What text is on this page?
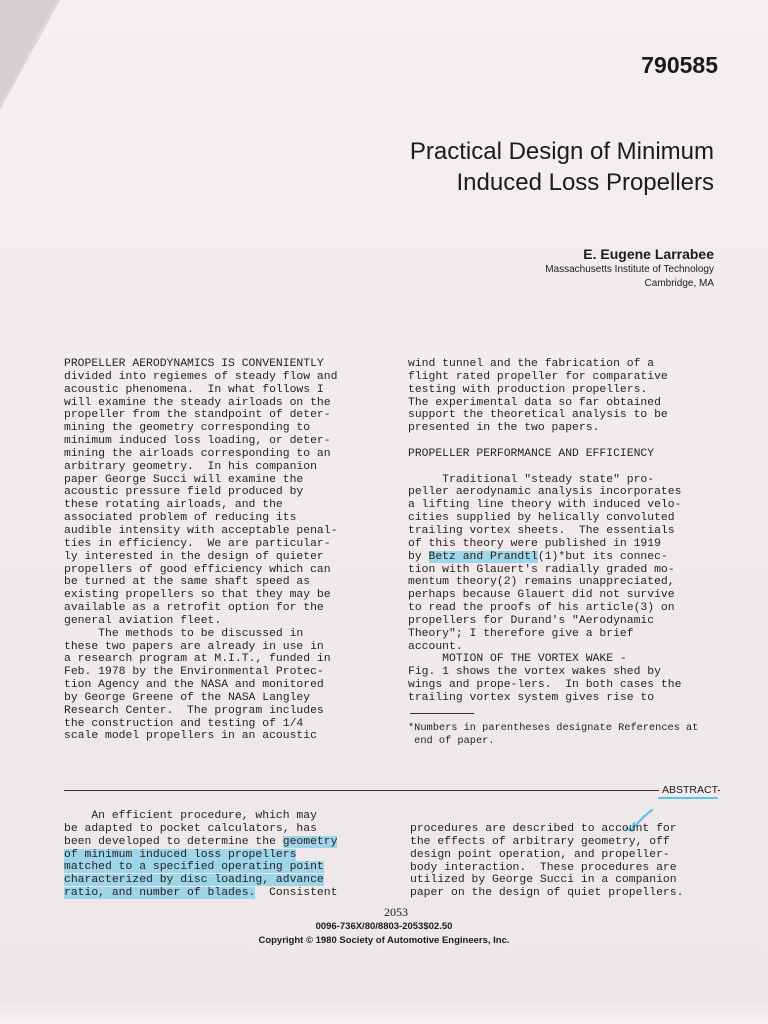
790585
Practical Design of Minimum
Induced Loss Propellers
E. Eugene Larrabee
Massachusetts Institute of Technology
Cambridge, MA
PROPELLER AERODYNAMICS IS CONVENIENTLY
divided into regiemes of steady flow and
acoustic phenomena.  In what follows I
will examine the steady airloads on the
propeller from the standpoint of deter-
mining the geometry corresponding to
minimum induced loss loading, or deter-
mining the airloads corresponding to an
arbitrary geometry.  In his companion
paper George Succi will examine the
acoustic pressure field produced by
these rotating airloads, and the
associated problem of reducing its
audible intensity with acceptable penal-
ties in efficiency.  We are particular-
ly interested in the design of quieter
propellers of good efficiency which can
be turned at the same shaft speed as
existing propellers so that they may be
available as a retrofit option for the
general aviation fleet.
The methods to be discussed in
these two papers are already in use in
a research program at M.I.T., funded in
Feb. 1978 by the Environmental Protec-
tion Agency and the NASA and monitored
by George Greene of the NASA Langley
Research Center.  The program includes
the construction and testing of 1/4
scale model propellers in an acoustic
wind tunnel and the fabrication of a
flight rated propeller for comparative
testing with production propellers.
The experimental data so far obtained
support the theoretical analysis to be
presented in the two papers.

PROPELLER PERFORMANCE AND EFFICIENCY

Traditional "steady state" pro-
peller aerodynamic analysis incorporates
a lifting line theory with induced velo-
cities supplied by helically convoluted
trailing vortex sheets.  The essentials
of this theory were published in 1919
by Betz and Prandtl(1)*but its connec-
tion with Glauert's radially graded mo-
mentum theory(2) remains unappreciated,
perhaps because Glauert did not survive
to read the proofs of his article(3) on
propellers for Durand's "Aerodynamic
Theory"; I therefore give a brief
account.
MOTION OF THE VORTEX WAKE -
Fig. 1 shows the vortex wakes shed by
wings and prope-lers.  In both cases the
trailing vortex system gives rise to
*Numbers in parentheses designate References at
end of paper.
ABSTRACT
An efficient procedure, which may
be adapted to pocket calculators, has
been developed to determine the geometry
of minimum induced loss propellers
matched to a specified operating point
characterized by disc loading, advance
ratio, and number of blades.  Consistent
procedures are described to account for
the effects of arbitrary geometry, off
design point operation, and propeller-
body interaction.  These procedures are
utilized by George Succi in a companion
paper on the design of quiet propellers.
2053
0096-736X/80/8803-2053$02.50
Copyright © 1980 Society of Automotive Engineers, Inc.
